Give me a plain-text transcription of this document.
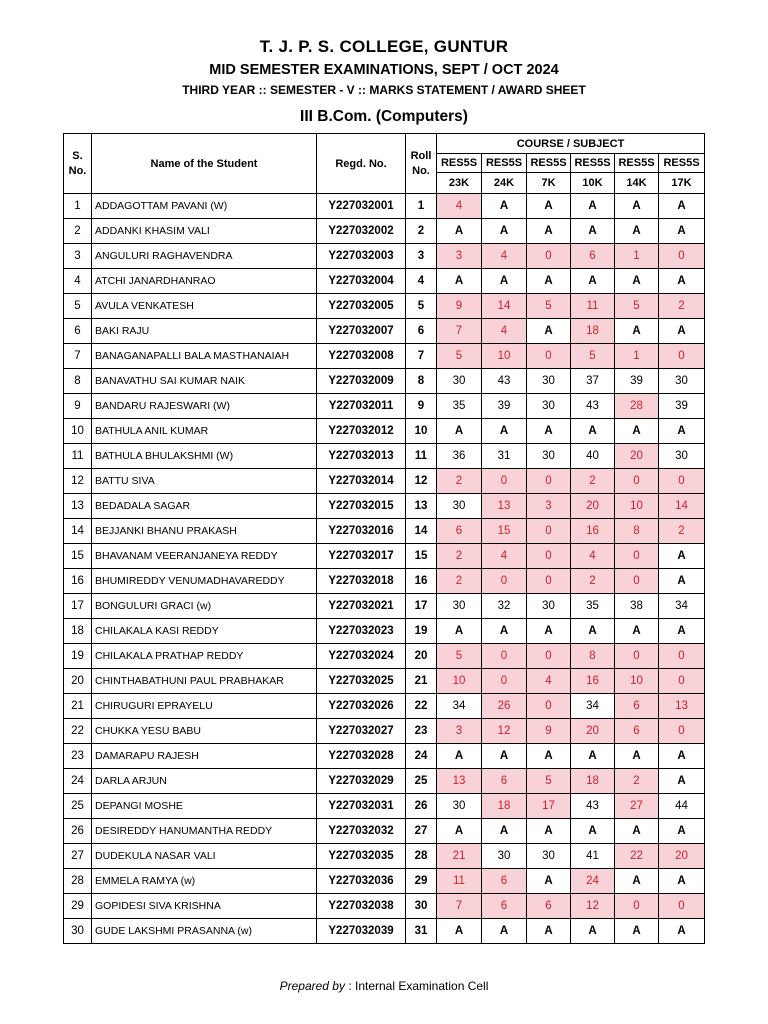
T. J. P. S. COLLEGE, GUNTUR
MID SEMESTER EXAMINATIONS, SEPT / OCT 2024
THIRD YEAR :: SEMESTER - V :: MARKS STATEMENT / AWARD SHEET
III B.Com. (Computers)
S. No.	Name of the Student	Regd. No.	Roll No.	COURSE / SUBJECT					
				RES5S	RES5S	RES5S	RES5S	RES5S	RES5S
				23K	24K	7K	10K	14K	17K
1	ADDAGOTTAM PAVANI (W)	Y227032001	1	4	A	A	A	A	A
2	ADDANKI KHASIM VALI	Y227032002	2	A	A	A	A	A	A
3	ANGULURI RAGHAVENDRA	Y227032003	3	3	4	0	6	1	0
4	ATCHI JANARDHANRAO	Y227032004	4	A	A	A	A	A	A
5	AVULA VENKATESH	Y227032005	5	9	14	5	11	5	2
6	BAKI RAJU	Y227032007	6	7	4	A	18	A	A
7	BANAGANAPALLI BALA MASTHANAIAH	Y227032008	7	5	10	0	5	1	0
8	BANAVATHU SAI KUMAR NAIK	Y227032009	8	30	43	30	37	39	30
9	BANDARU RAJESWARI (W)	Y227032011	9	35	39	30	43	28	39
10	BATHULA ANIL KUMAR	Y227032012	10	A	A	A	A	A	A
11	BATHULA BHULAKSHMI (W)	Y227032013	11	36	31	30	40	20	30
12	BATTU SIVA	Y227032014	12	2	0	0	2	0	0
13	BEDADALA SAGAR	Y227032015	13	30	13	3	20	10	14
14	BEJJANKI BHANU PRAKASH	Y227032016	14	6	15	0	16	8	2
15	BHAVANAM VEERANJANEYA REDDY	Y227032017	15	2	4	0	4	0	A
16	BHUMIREDDY VENUMADHAVAREDDY	Y227032018	16	2	0	0	2	0	A
17	BONGULURI GRACI (w)	Y227032021	17	30	32	30	35	38	34
18	CHILAKALA KASI REDDY	Y227032023	19	A	A	A	A	A	A
19	CHILAKALA PRATHAP REDDY	Y227032024	20	5	0	0	8	0	0
20	CHINTHABATHUNI PAUL PRABHAKAR	Y227032025	21	10	0	4	16	10	0
21	CHIRUGURI EPRAYELU	Y227032026	22	34	26	0	34	6	13
22	CHUKKA YESU BABU	Y227032027	23	3	12	9	20	6	0
23	DAMARAPU RAJESH	Y227032028	24	A	A	A	A	A	A
24	DARLA ARJUN	Y227032029	25	13	6	5	18	2	A
25	DEPANGI MOSHE	Y227032031	26	30	18	17	43	27	44
26	DESIREDDY HANUMANTHA REDDY	Y227032032	27	A	A	A	A	A	A
27	DUDEKULA NASAR VALI	Y227032035	28	21	30	30	41	22	20
28	EMMELA RAMYA (w)	Y227032036	29	11	6	A	24	A	A
29	GOPIDESI SIVA KRISHNA	Y227032038	30	7	6	6	12	0	0
30	GUDE LAKSHMI PRASANNA (w)	Y227032039	31	A	A	A	A	A	A
Prepared by : Internal Examination Cell
